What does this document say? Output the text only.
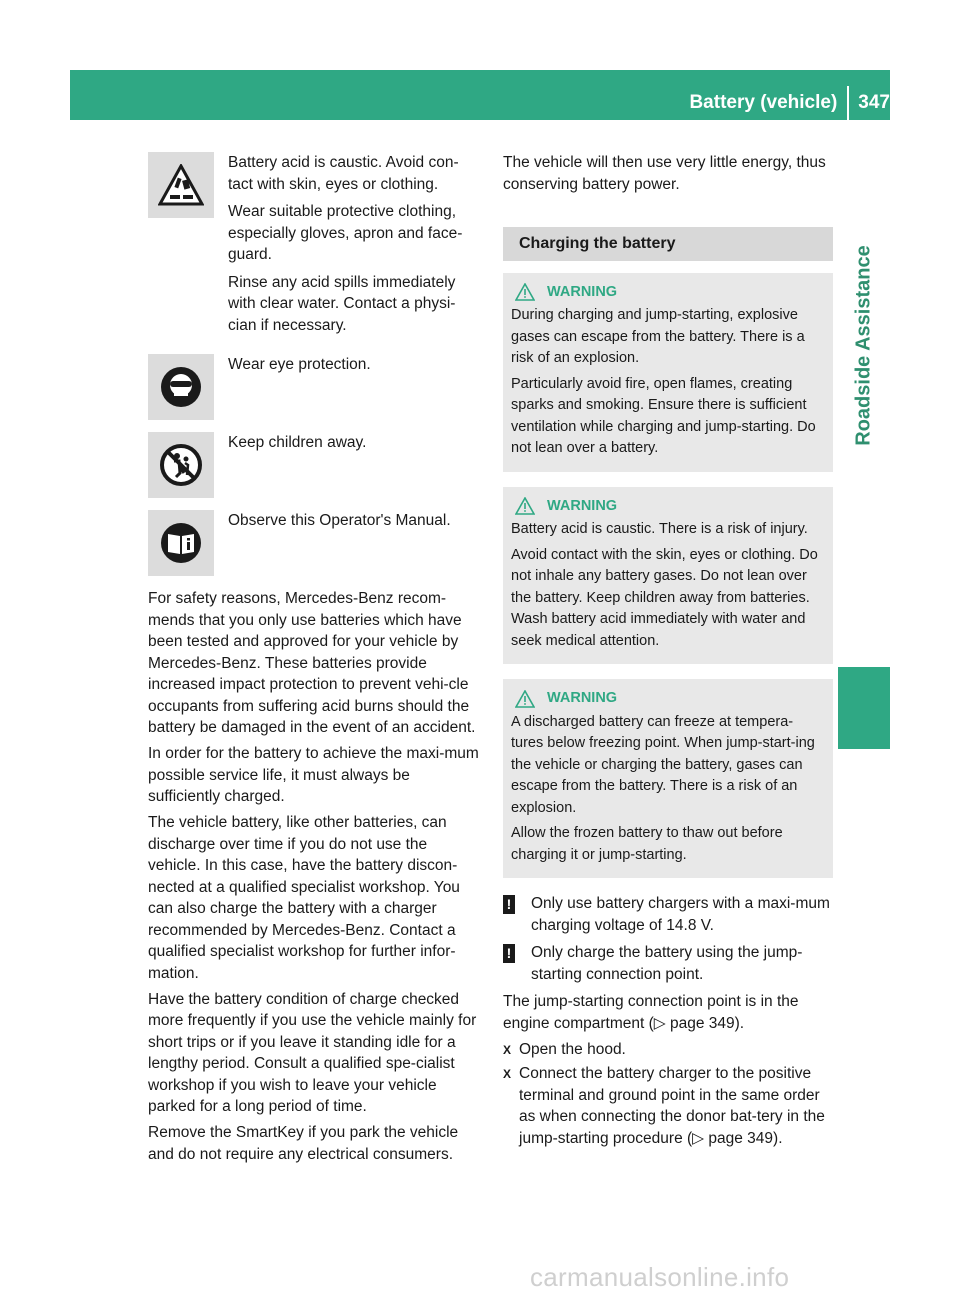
Battery (vehicle) 347
Roadside Assistance

Battery acid is caustic. Avoid con-tact with skin, eyes or clothing.

Wear suitable protective clothing, especially gloves, apron and face-guard.

Rinse any acid spills immediately with clear water. Contact a physi-cian if necessary.

Wear eye protection.

Keep children away.

Observe this Operator's Manual.

For safety reasons, Mercedes-Benz recom-mends that you only use batteries which have been tested and approved for your vehicle by Mercedes-Benz. These batteries provide increased impact protection to prevent vehi-cle occupants from suffering acid burns should the battery be damaged in the event of an accident.

In order for the battery to achieve the maxi-mum possible service life, it must always be sufficiently charged.

The vehicle battery, like other batteries, can discharge over time if you do not use the vehicle. In this case, have the battery discon-nected at a qualified specialist workshop. You can also charge the battery with a charger recommended by Mercedes-Benz. Contact a qualified specialist workshop for further infor-mation.

Have the battery condition of charge checked more frequently if you use the vehicle mainly for short trips or if you leave it standing idle for a lengthy period. Consult a qualified spe-cialist workshop if you wish to leave your vehicle parked for a long period of time.

Remove the SmartKey if you park the vehicle and do not require any electrical consumers.

The vehicle will then use very little energy, thus conserving battery power.

Charging the battery
WARNING

During charging and jump-starting, explosive gases can escape from the battery. There is a risk of an explosion.

Particularly avoid fire, open flames, creating sparks and smoking. Ensure there is sufficient ventilation while charging and jump-starting. Do not lean over a battery.

WARNING

Battery acid is caustic. There is a risk of injury.

Avoid contact with the skin, eyes or clothing. Do not inhale any battery gases. Do not lean over the battery. Keep children away from batteries. Wash battery acid immediately with water and seek medical attention.

WARNING

A discharged battery can freeze at tempera-tures below freezing point. When jump-start-ing the vehicle or charging the battery, gases can escape from the battery. There is a risk of an explosion.

Allow the frozen battery to thaw out before charging it or jump-starting.

! Only use battery chargers with a maxi-mum charging voltage of 14.8 V.
! Only charge the battery using the jump-starting connection point.

The jump-starting connection point is in the engine compartment (▷ page 349).

X Open the hood.
X Connect the battery charger to the positive terminal and ground point in the same order as when connecting the donor bat-tery in the jump-starting procedure (▷ page 349).
carmanualsonline.info
